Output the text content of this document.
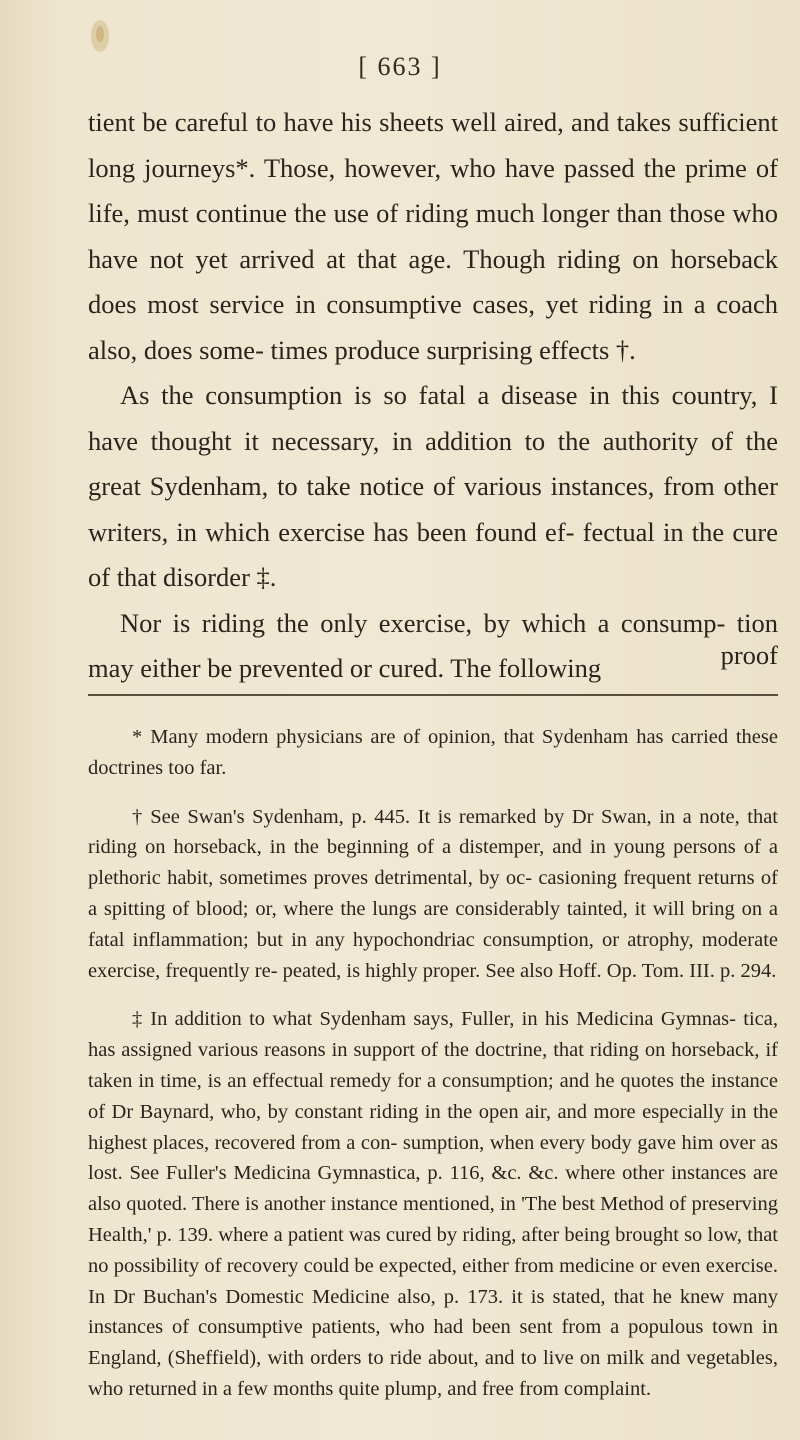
[ 663 ]

tient be careful to have his sheets well aired, and takes sufficient long journeys*. Those, however, who have passed the prime of life, must continue the use of riding much longer than those who have not yet arrived at that age. Though riding on horseback does most service in consumptive cases, yet riding in a coach also, does some- times produce surprising effects †.

As the consumption is so fatal a disease in this country, I have thought it necessary, in addition to the authority of the great Sydenham, to take notice of various instances, from other writers, in which exercise has been found ef- fectual in the cure of that disorder ‡.

Nor is riding the only exercise, by which a consump- tion may either be prevented or cured. The following	proof

* Many modern physicians are of opinion, that Sydenham has carried these doctrines too far.

† See Swan's Sydenham, p. 445. It is remarked by Dr Swan, in a note, that riding on horseback, in the beginning of a distemper, and in young persons of a plethoric habit, sometimes proves detrimental, by oc- casioning frequent returns of a spitting of blood; or, where the lungs are considerably tainted, it will bring on a fatal inflammation; but in any hypochondriac consumption, or atrophy, moderate exercise, frequently re- peated, is highly proper. See also Hoff. Op. Tom. III. p. 294.

‡ In addition to what Sydenham says, Fuller, in his Medicina Gymnas- tica, has assigned various reasons in support of the doctrine, that riding on horseback, if taken in time, is an effectual remedy for a consumption; and he quotes the instance of Dr Baynard, who, by constant riding in the open air, and more especially in the highest places, recovered from a con- sumption, when every body gave him over as lost. See Fuller's Medicina Gymnastica, p. 116, &c. &c. where other instances are also quoted. There is another instance mentioned, in 'The best Method of preserving Health,' p. 139. where a patient was cured by riding, after being brought so low, that no possibility of recovery could be expected, either from medicine or even exercise. In Dr Buchan's Domestic Medicine also, p. 173. it is stated, that he knew many instances of consumptive patients, who had been sent from a populous town in England, (Sheffield), with orders to ride about, and to live on milk and vegetables, who returned in a few months quite plump, and free from complaint.
